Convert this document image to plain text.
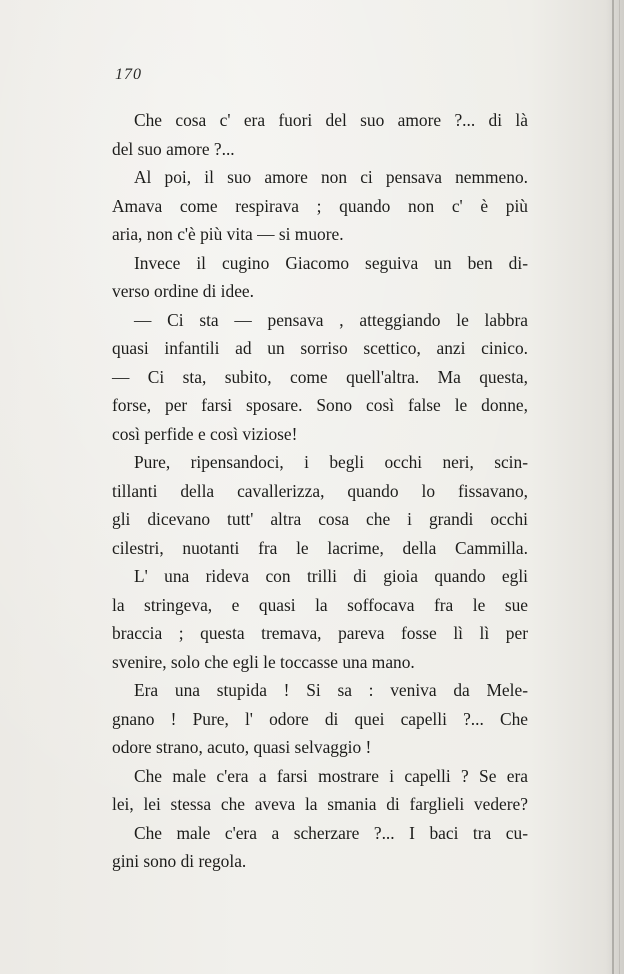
170
Che cosa c' era fuori del suo amore ?... di là
del suo amore ?...
Al poi, il suo amore non ci pensava nemmeno.
Amava come respirava ; quando non c' è più
aria, non c'è più vita — si muore.
Invece il cugino Giacomo seguiva un ben di-
verso ordine di idee.
— Ci sta — pensava , atteggiando le labbra
quasi infantili ad un sorriso scettico, anzi cinico.
— Ci sta, subito, come quell'altra. Ma questa,
forse, per farsi sposare. Sono così false le donne,
così perfide e così viziose!
Pure, ripensandoci, i begli occhi neri, scin-
tillanti della cavallerizza, quando lo fissavano,
gli dicevano tutt' altra cosa che i grandi occhi
cilestri, nuotanti fra le lacrime, della Cammilla.
L' una rideva con trilli di gioia quando egli
la stringeva, e quasi la soffocava fra le sue
braccia ; questa tremava, pareva fosse lì lì per
svenire, solo che egli le toccasse una mano.
Era una stupida ! Si sa : veniva da Mele-
gnano ! Pure, l' odore di quei capelli ?... Che
odore strano, acuto, quasi selvaggio !
Che male c'era a farsi mostrare i capelli ? Se era
lei, lei stessa che aveva la smania di farglieli vedere?
Che male c'era a scherzare ?... I baci tra cu-
gini sono di regola.
